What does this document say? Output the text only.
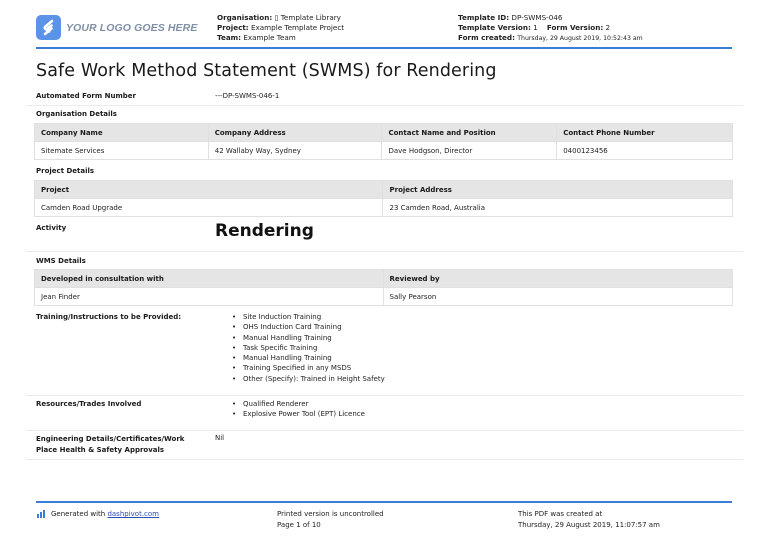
YOUR LOGO GOES HERE
Organisation: ▯ Template Library
Project: Example Template Project
Team: Example Team
Template ID: DP-SWMS-046
Template Version: 1 Form Version: 2
Form created: Thursday, 29 August 2019, 10:52:43 am
Safe Work Method Statement (SWMS) for Rendering
Automated Form Number	---DP-SWMS-046-1
Organisation Details
Company Name	Company Address	Contact Name and Position	Contact Phone Number
Sitemate Services	42 Wallaby Way, Sydney	Dave Hodgson, Director	0400123456
Project Details
Project	Project Address
Camden Road Upgrade	23 Camden Road, Australia
Activity	Rendering
WMS Details
Developed in consultation with	Reviewed by
Jean Finder	Sally Pearson
Training/Instructions to be Provided:	• Site Induction Training
• OHS Induction Card Training
• Manual Handling Training
• Task Specific Training
• Manual Handling Training
• Training Specified in any MSDS
• Other (Specify): Trained in Height Safety
Resources/Trades Involved	• Qualified Renderer
• Explosive Power Tool (EPT) Licence
Engineering Details/Certificates/Work
Place Health & Safety Approvals
Nil
Generated with
dashpivot.com	Printed version is uncontrolled
Page 1 of 10
This PDF was created at
Thursday, 29 August 2019, 11:07:57 am
